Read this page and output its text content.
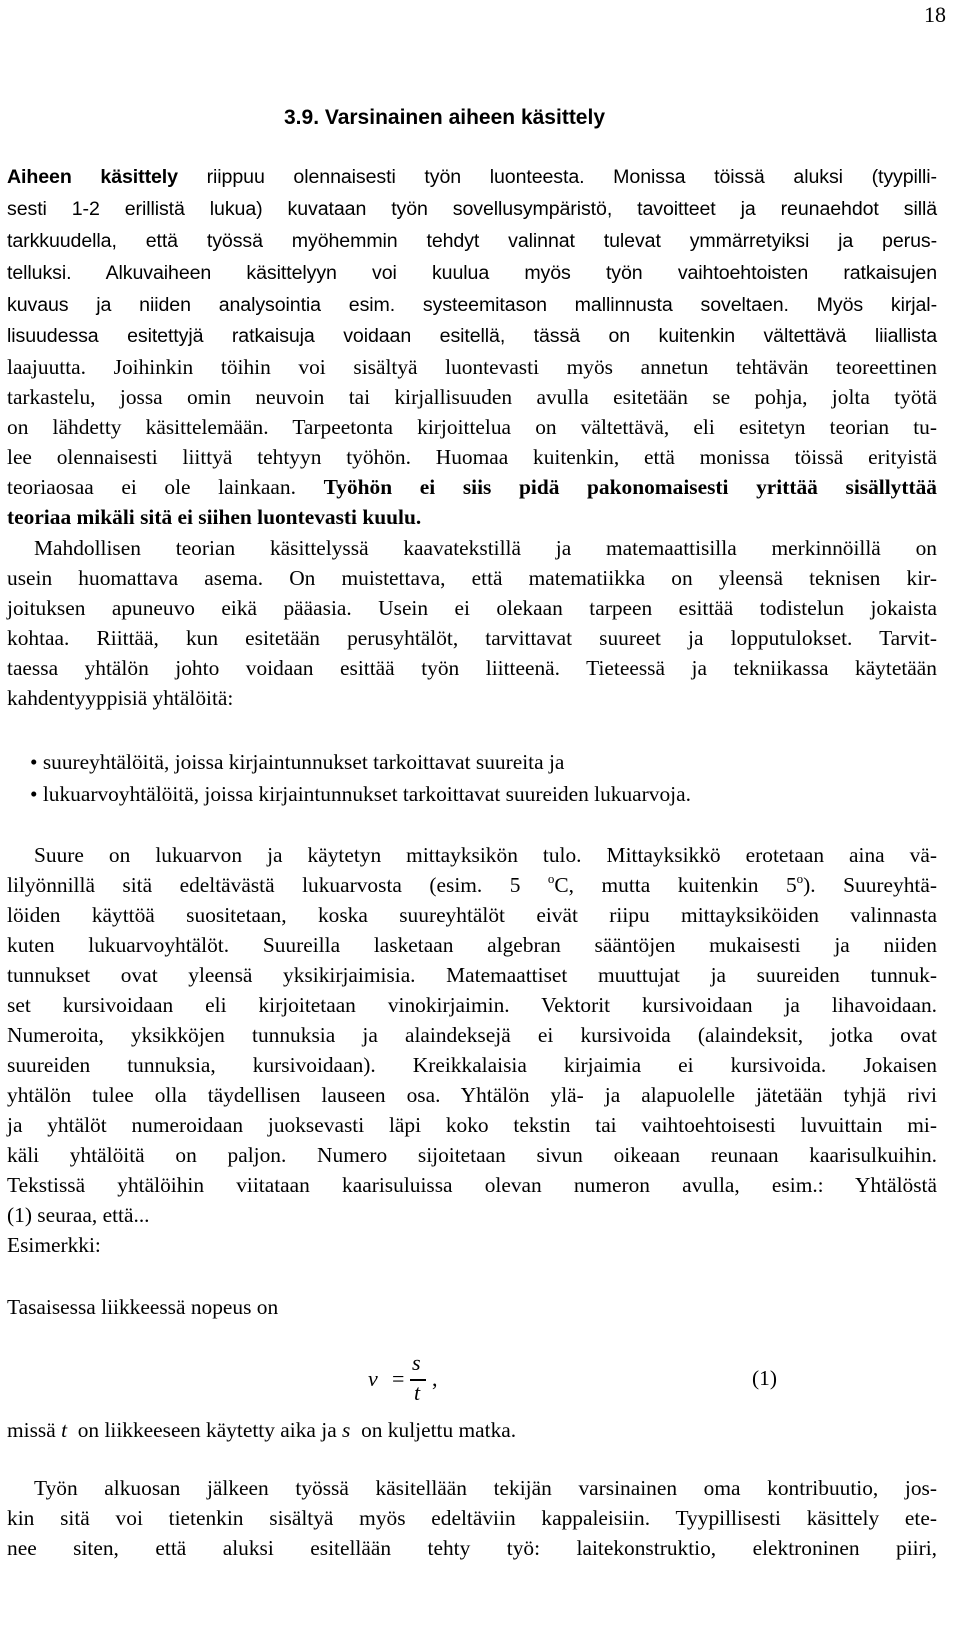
18
3.9. Varsinainen aiheen käsittely
Aiheen käsittely riippuu olennaisesti työn luonteesta. Monissa töissä aluksi (tyypilli-
sesti 1-2 erillistä lukua) kuvataan työn sovellusympäristö, tavoitteet ja reunaehdot sillä
tarkkuudella, että työssä myöhemmin tehdyt valinnat tulevat ymmärretyiksi ja perus-
telluksi. Alkuvaiheen käsittelyyn voi kuulua myös työn vaihtoehtoisten ratkaisujen
kuvaus ja niiden analysointia esim. systeemitason mallinnusta soveltaen. Myös kirjal-
lisuudessa esitettyjä ratkaisuja voidaan esitellä, tässä on kuitenkin vältettävä liiallista
laajuutta. Joihinkin töihin voi sisältyä luontevasti myös annetun tehtävän teoreettinen
tarkastelu, jossa omin neuvoin tai kirjallisuuden avulla esitetään se pohja, jolta työtä
on lähdetty käsittelemään. Tarpeetonta kirjoittelua on vältettävä, eli esitetyn teorian tu-
lee olennaisesti liittyä tehtyyn työhön. Huomaa kuitenkin, että monissa töissä erityistä
teoriaosaa ei ole lainkaan. Työhön ei siis pidä pakonomaisesti yrittää sisällyttää
teoriaa mikäli sitä ei siihen luontevasti kuulu.
Mahdollisen teorian käsittelyssä kaavatekstillä ja matemaattisilla merkinnöillä on
usein huomattava asema. On muistettava, että matematiikka on yleensä teknisen kir-
joituksen apuneuvo eikä pääasia. Usein ei olekaan tarpeen esittää todistelun jokaista
kohtaa. Riittää, kun esitetään perusyhtälöt, tarvittavat suureet ja lopputulokset. Tarvit-
taessa yhtälön johto voidaan esittää työn liitteenä. Tieteessä ja tekniikassa käytetään
kahdentyyppisiä yhtälöitä:
• suureyhtälöitä, joissa kirjaintunnukset tarkoittavat suureita ja
• lukuarvoyhtälöitä, joissa kirjaintunnukset tarkoittavat suureiden lukuarvoja.
Suure on lukuarvon ja käytetyn mittayksikön tulo. Mittayksikkö erotetaan aina vä-
lilyönnillä sitä edeltävästä lukuarvosta (esim. 5 $^o$C, mutta kuitenkin 5$^o$). Suureyhtä-
löiden käyttöä suositetaan, koska suureyhtälöt eivät riipu mittayksiköiden valinnasta
kuten lukuarvoyhtälöt. Suureilla lasketaan algebran sääntöjen mukaisesti ja niiden
tunnukset ovat yleensä yksikirjaimisia. Matemaattiset muuttujat ja suureiden tunnuk-
set kursivoidaan eli kirjoitetaan vinokirjaimin. Vektorit kursivoidaan ja lihavoidaan.
Numeroita, yksikköjen tunnuksia ja alaindeksejä ei kursivoida (alaindeksit, jotka ovat
suureiden tunnuksia, kursivoidaan). Kreikkalaisia kirjaimia ei kursivoida. Jokaisen
yhtälön tulee olla täydellisen lauseen osa. Yhtälön ylä- ja alapuolelle jätetään tyhjä rivi
ja yhtälöt numeroidaan juoksevasti läpi koko tekstin tai vaihtoehtoisesti luvuittain mi-
käli yhtälöitä on paljon. Numero sijoitetaan sivun oikeaan reunaan kaarisulkuihin.
Tekstissä yhtälöihin viitataan kaarisuluissa olevan numeron avulla, esim.: Yhtälöstä
(1) seuraa, että...
Esimerkki:
Tasaisessa liikkeessä nopeus on
v =
s
t
,	(1)
missä t  on liikkeeseen käytetty aika ja s  on kuljettu matka.
Työn alkuosan jälkeen työssä käsitellään tekijän varsinainen oma kontribuutio, jos-
kin sitä voi tietenkin sisältyä myös edeltäviin kappaleisiin. Tyypillisesti käsittely ete-
nee siten, että aluksi esitellään tehty työ: laitekonstruktio, elektroninen piiri,
